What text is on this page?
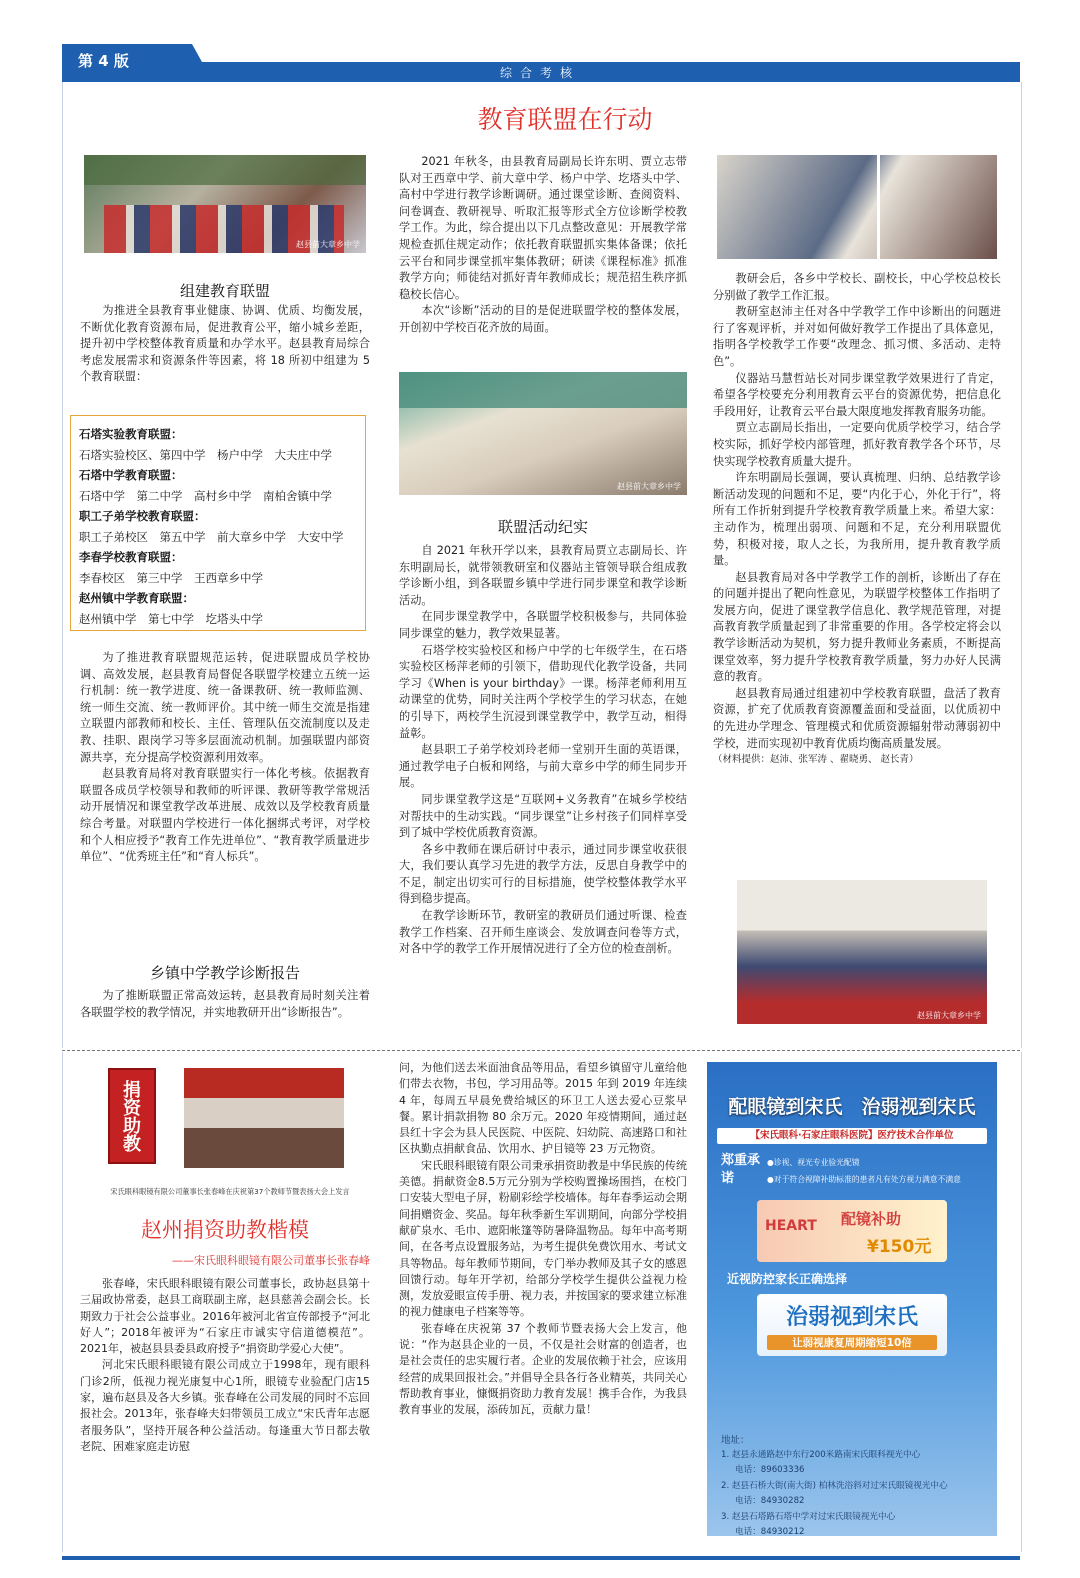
第 4 版
综合考核
教育联盟在行动
赵县前大章乡中学
组建教育联盟

为推进全县教育事业健康、协调、优质、均衡发展，不断优化教育资源布局，促进教育公平，缩小城乡差距，提升初中学校整体教育质量和办学水平。赵县教育局综合考虑发展需求和资源条件等因素，将 18 所初中组建为 5 个教育联盟：

石塔实验教育联盟：
石塔实验校区、第四中学　杨户中学　大夫庄中学
石塔中学教育联盟：
石塔中学　第二中学　高村乡中学　南柏舍镇中学
职工子弟学校教育联盟：
职工子弟校区　第五中学　前大章乡中学　大安中学
李春学校教育联盟：
李春校区　第三中学　王西章乡中学
赵州镇中学教育联盟：
赵州镇中学　第七中学　圪塔头中学

为了推进教育联盟规范运转，促进联盟成员学校协调、高效发展，赵县教育局督促各联盟学校建立五统一运行机制：统一教学进度、统一备课教研、统一教师监测、统一师生交流、统一教师评价。其中统一师生交流是指建立联盟内部教师和校长、主任、管理队伍交流制度以及走教、挂职、跟岗学习等多层面流动机制。加强联盟内部资源共享，充分提高学校资源利用效率。

赵县教育局将对教育联盟实行一体化考核。依据教育联盟各成员学校领导和教师的听评课、教研等教学常规活动开展情况和课堂教学改革进展、成效以及学校教育质量综合考量。对联盟内学校进行一体化捆绑式考评，对学校和个人相应授予“教育工作先进单位”、“教育教学质量进步单位”、“优秀班主任”和“育人标兵”。

乡镇中学教学诊断报告

为了推断联盟正常高效运转，赵县教育局时刻关注着各联盟学校的教学情况，并实地教研开出“诊断报告”。

2021 年秋冬，由县教育局副局长许东明、贾立志带队对王西章中学、前大章中学、杨户中学、圪塔头中学、高村中学进行教学诊断调研。通过课堂诊断、查阅资料、问卷调查、教研视导、听取汇报等形式全方位诊断学校教学工作。为此，综合提出以下几点整改意见：开展教学常规检查抓住规定动作；依托教育联盟抓实集体备课；依托云平台和同步课堂抓牢集体教研；研读《课程标准》抓准教学方向；师徒结对抓好青年教师成长；规范招生秩序抓稳校长信心。

本次“诊断”活动的目的是促进联盟学校的整体发展，开创初中学校百花齐放的局面。

赵县前大章乡中学
联盟活动纪实

自 2021 年秋开学以来，县教育局贾立志副局长、许东明副局长，就带领教研室和仪器站主管领导联合组成教学诊断小组，到各联盟乡镇中学进行同步课堂和教学诊断活动。

在同步课堂教学中，各联盟学校积极参与，共同体验同步课堂的魅力，教学效果显著。

石塔学校实验校区和杨户中学的七年级学生，在石塔实验校区杨萍老师的引领下，借助现代化教学设备，共同学习《When is your birthday》一课。杨萍老师利用互动课堂的优势，同时关注两个学校学生的学习状态，在她的引导下，两校学生沉浸到课堂教学中，教学互动，相得益彰。

赵县职工子弟学校刘玲老师一堂别开生面的英语课，通过教学电子白板和网络，与前大章乡中学的师生同步开展。

同步课堂教学这是“互联网+义务教育”在城乡学校结对帮扶中的生动实践。“同步课堂”让乡村孩子们同样享受到了城中学校优质教育资源。

各乡中教师在课后研讨中表示，通过同步课堂收获很大，我们要认真学习先进的教学方法，反思自身教学中的不足，制定出切实可行的目标措施，使学校整体教学水平得到稳步提高。

在教学诊断环节，教研室的教研员们通过听课、检查教学工作档案、召开师生座谈会、发放调查问卷等方式，对各中学的教学工作开展情况进行了全方位的检查剖析。

教研会后，各乡中学校长、副校长，中心学校总校长分别做了教学工作汇报。

教研室赵沛主任对各中学教学工作中诊断出的问题进行了客观评析，并对如何做好教学工作提出了具体意见，指明各学校教学工作要“改理念、抓习惯、多活动、走特色”。

仪器站马慧哲站长对同步课堂教学效果进行了肯定，希望各学校要充分利用教育云平台的资源优势，把信息化手段用好，让教育云平台最大限度地发挥教育服务功能。

贾立志副局长指出，一定要向优质学校学习，结合学校实际，抓好学校内部管理，抓好教育教学各个环节，尽快实现学校教育质量大提升。

许东明副局长强调，要认真梳理、归纳、总结教学诊断活动发现的问题和不足，要“内化于心，外化于行”，将所有工作折射到提升学校教育教学质量上来。希望大家：主动作为，梳理出弱项、问题和不足，充分利用联盟优势，积极对接，取人之长，为我所用，提升教育教学质量。

赵县教育局对各中学教学工作的剖析，诊断出了存在的问题并提出了靶向性意见，为联盟学校整体工作指明了发展方向，促进了课堂教学信息化、教学规范管理，对提高教育教学质量起到了非常重要的作用。各学校定将会以教学诊断活动为契机，努力提升教师业务素质，不断提高课堂效率，努力提升学校教育教学质量，努力办好人民满意的教育。

赵县教育局通过组建初中学校教育联盟，盘活了教育资源，扩充了优质教育资源覆盖面和受益面，以优质初中的先进办学理念、管理模式和优质资源辐射带动薄弱初中学校，进而实现初中教育优质均衡高质量发展。

（材料提供：赵沛、张军涛 、翟晓勇、 赵长青）

赵县前大章乡中学
捐资助教
宋氏眼科眼镜有限公司董事长张春峰在庆祝第37个教师节暨表扬大会上发言
赵州捐资助教楷模
——宋氏眼科眼镜有限公司董事长张春峰

张春峰，宋氏眼科眼镜有限公司董事长，政协赵县第十三届政协常委，赵县工商联副主席，赵县慈善会副会长。长期致力于社会公益事业。2016年被河北省宣传部授予“河北好人”；2018年被评为“石家庄市诚实守信道德模范”。2021年，被赵县县委县政府授予“捐资助学爱心大使”。

河北宋氏眼科眼镜有限公司成立于1998年，现有眼科门诊2所，低视力视光康复中心1所，眼镜专业验配门店15家，遍布赵县及各大乡镇。张春峰在公司发展的同时不忘回报社会。2013年，张春峰夫妇带领员工成立“宋氏青年志愿者服务队”，坚持开展各种公益活动。每逢重大节日都去敬老院、困难家庭走访慰

问，为他们送去米面油食品等用品，看望乡镇留守儿童给他们带去衣物，书包，学习用品等。2015 年到 2019 年连续 4 年，每周五早晨免费给城区的环卫工人送去爱心豆浆早餐。累计捐款捐物 80 余万元。2020 年疫情期间，通过赵县红十字会为县人民医院、中医院、妇幼院、高速路口和社区执勤点捐献食品、饮用水、护目镜等 23 万元物资。

宋氏眼科眼镜有限公司秉承捐资助教是中华民族的传统美德。捐献资金8.5万元分别为学校购置操场围挡，在校门口安装大型电子屏，粉刷彩绘学校墙体。每年春季运动会期间捐赠资金、奖品。每年秋季新生军训期间，向部分学校捐献矿泉水、毛巾、遮阳帐篷等防暑降温物品。每年中高考期间，在各考点设置服务站，为考生提供免费饮用水、考试文具等物品。每年教师节期间，专门举办教师及其子女的感恩回馈行动。每年开学初，给部分学校学生提供公益视力检测，发放爱眼宣传手册、视力表，并按国家的要求建立标准的视力健康电子档案等等。

张春峰在庆祝第 37 个教师节暨表扬大会上发言，他说：“作为赵县企业的一员，不仅是社会财富的创造者，也是社会责任的忠实履行者。企业的发展依赖于社会，应该用经营的成果回报社会。”并倡导全县各行各业精英，共同关心帮助教育事业，慷慨捐资助力教育发展！携手合作，为我县教育事业的发展，添砖加瓦，贡献力量！

配眼镜到宋氏　治弱视到宋氏
【宋氏眼科·石家庄眼科医院】医疗技术合作单位
郑重承诺
●诊视、视光专业验光配镜
●对于符合视障补助标准的患者凡有处方视力满意不满意
HEART 配镜补助
¥150元
近视防控家长正确选择
治弱视到宋氏
让弱视康复周期缩短10倍
地址：
1. 赵县永通路赵中东行200米路南宋氏眼科视光中心
电话：89603336
2. 赵县石桥大街(南大街) 柏林洗浴斜对过宋氏眼镜视光中心
电话：84930282
3. 赵县石塔路石塔中学对过宋氏眼镜视光中心
电话：84930212
